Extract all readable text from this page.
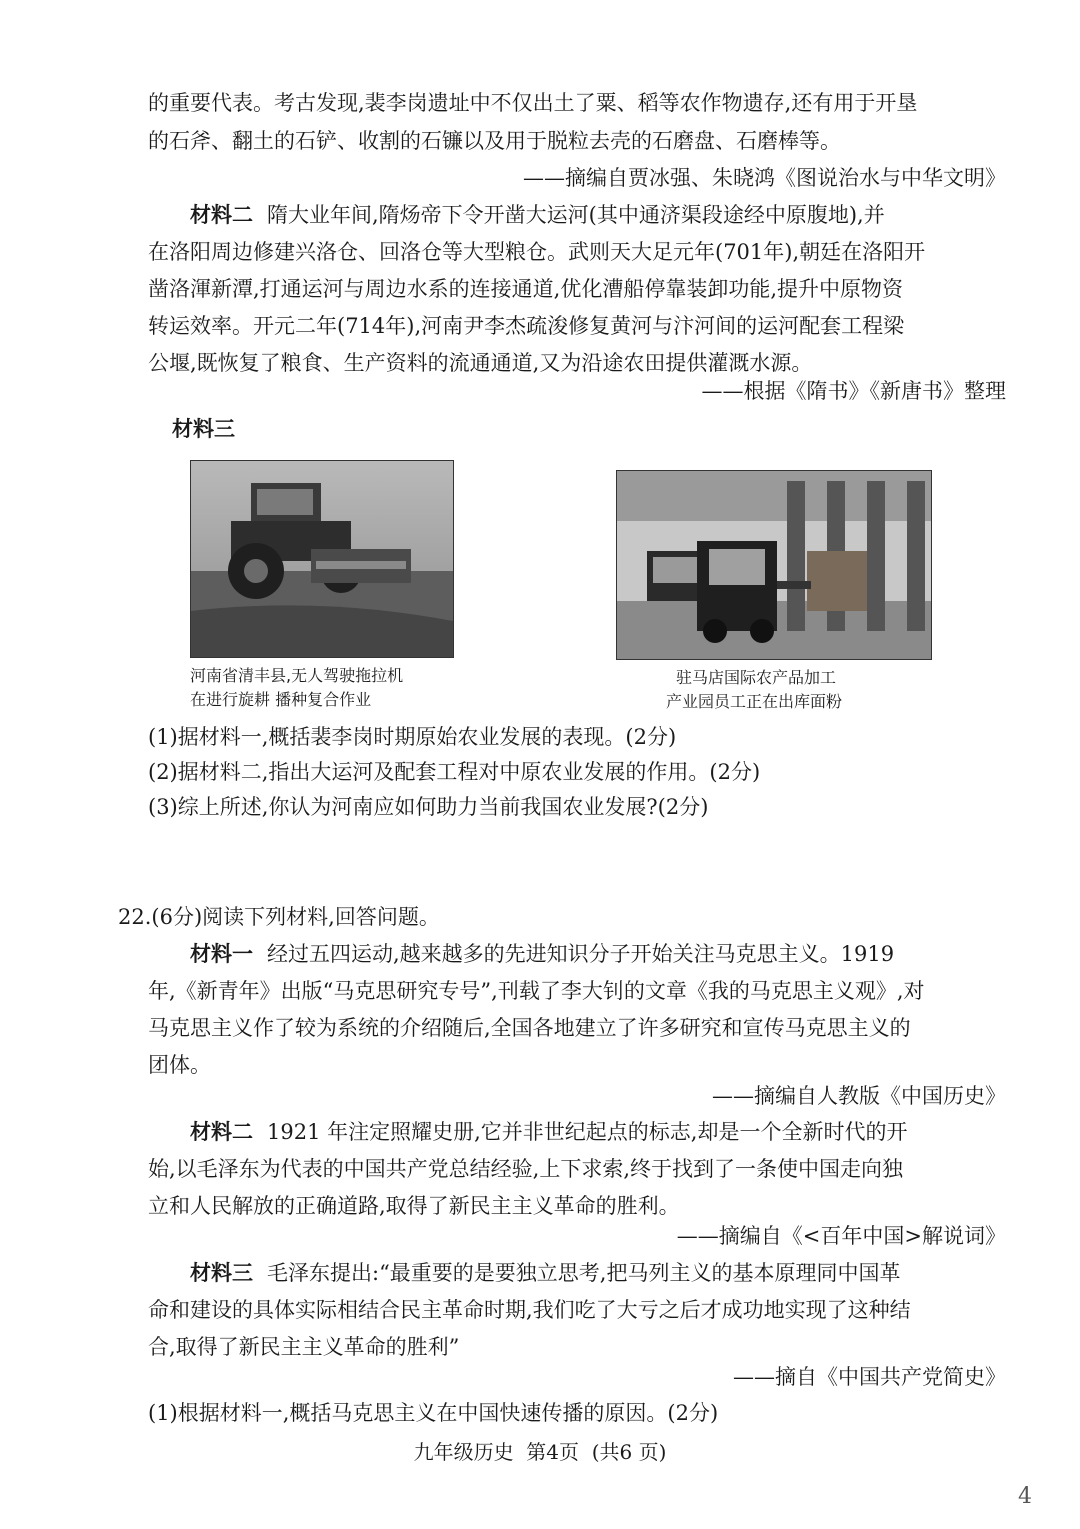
的重要代表。考古发现,裴李岗遗址中不仅出土了粟、稻等农作物遗存,还有用于开垦
的石斧、翻土的石铲、收割的石镰以及用于脱粒去壳的石磨盘、石磨棒等。
——摘编自贾冰强、朱晓鸿《图说治水与中华文明》
材料二 隋大业年间,隋炀帝下令开凿大运河(其中通济渠段途经中原腹地),并
在洛阳周边修建兴洛仓、回洛仓等大型粮仓。武则天大足元年(701年),朝廷在洛阳开
凿洛渾新潭,打通运河与周边水系的连接通道,优化漕船停靠装卸功能,提升中原物资
转运效率。开元二年(714年),河南尹李杰疏浚修复黄河与汴河间的运河配套工程梁
公堰,既恢复了粮食、生产资料的流通通道,又为沿途农田提供灌溉水源。
——根据《隋书》《新唐书》整理
材料三
河南省清丰县,无人驾驶拖拉机
在进行旋耕 播种复合作业
驻马店国际农产品加工
产业园员工正在出库面粉
(1)据材料一,概括裴李岗时期原始农业发展的表现。(2分)
(2)据材料二,指出大运河及配套工程对中原农业发展的作用。(2分)
(3)综上所述,你认为河南应如何助力当前我国农业发展?(2分)
22.(6分)阅读下列材料,回答问题。
材料一 经过五四运动,越来越多的先进知识分子开始关注马克思主义。1919
年,《新青年》出版“马克思研究专号”,刊载了李大钊的文章《我的马克思主义观》,对
马克思主义作了较为系统的介绍随后,全国各地建立了许多研究和宣传马克思主义的
团体。
——摘编自人教版《中国历史》
材料二 1921 年注定照耀史册,它并非世纪起点的标志,却是一个全新时代的开
始,以毛泽东为代表的中国共产党总结经验,上下求索,终于找到了一条使中国走向独
立和人民解放的正确道路,取得了新民主主义革命的胜利。
——摘编自《<百年中国>解说词》
材料三 毛泽东提出:“最重要的是要独立思考,把马列主义的基本原理同中国革
命和建设的具体实际相结合民主革命时期,我们吃了大亏之后才成功地实现了这种结
合,取得了新民主主义革命的胜利”
——摘自《中国共产党简史》
(1)根据材料一,概括马克思主义在中国快速传播的原因。(2分)
九年级历史  第4页  (共6 页)
4
